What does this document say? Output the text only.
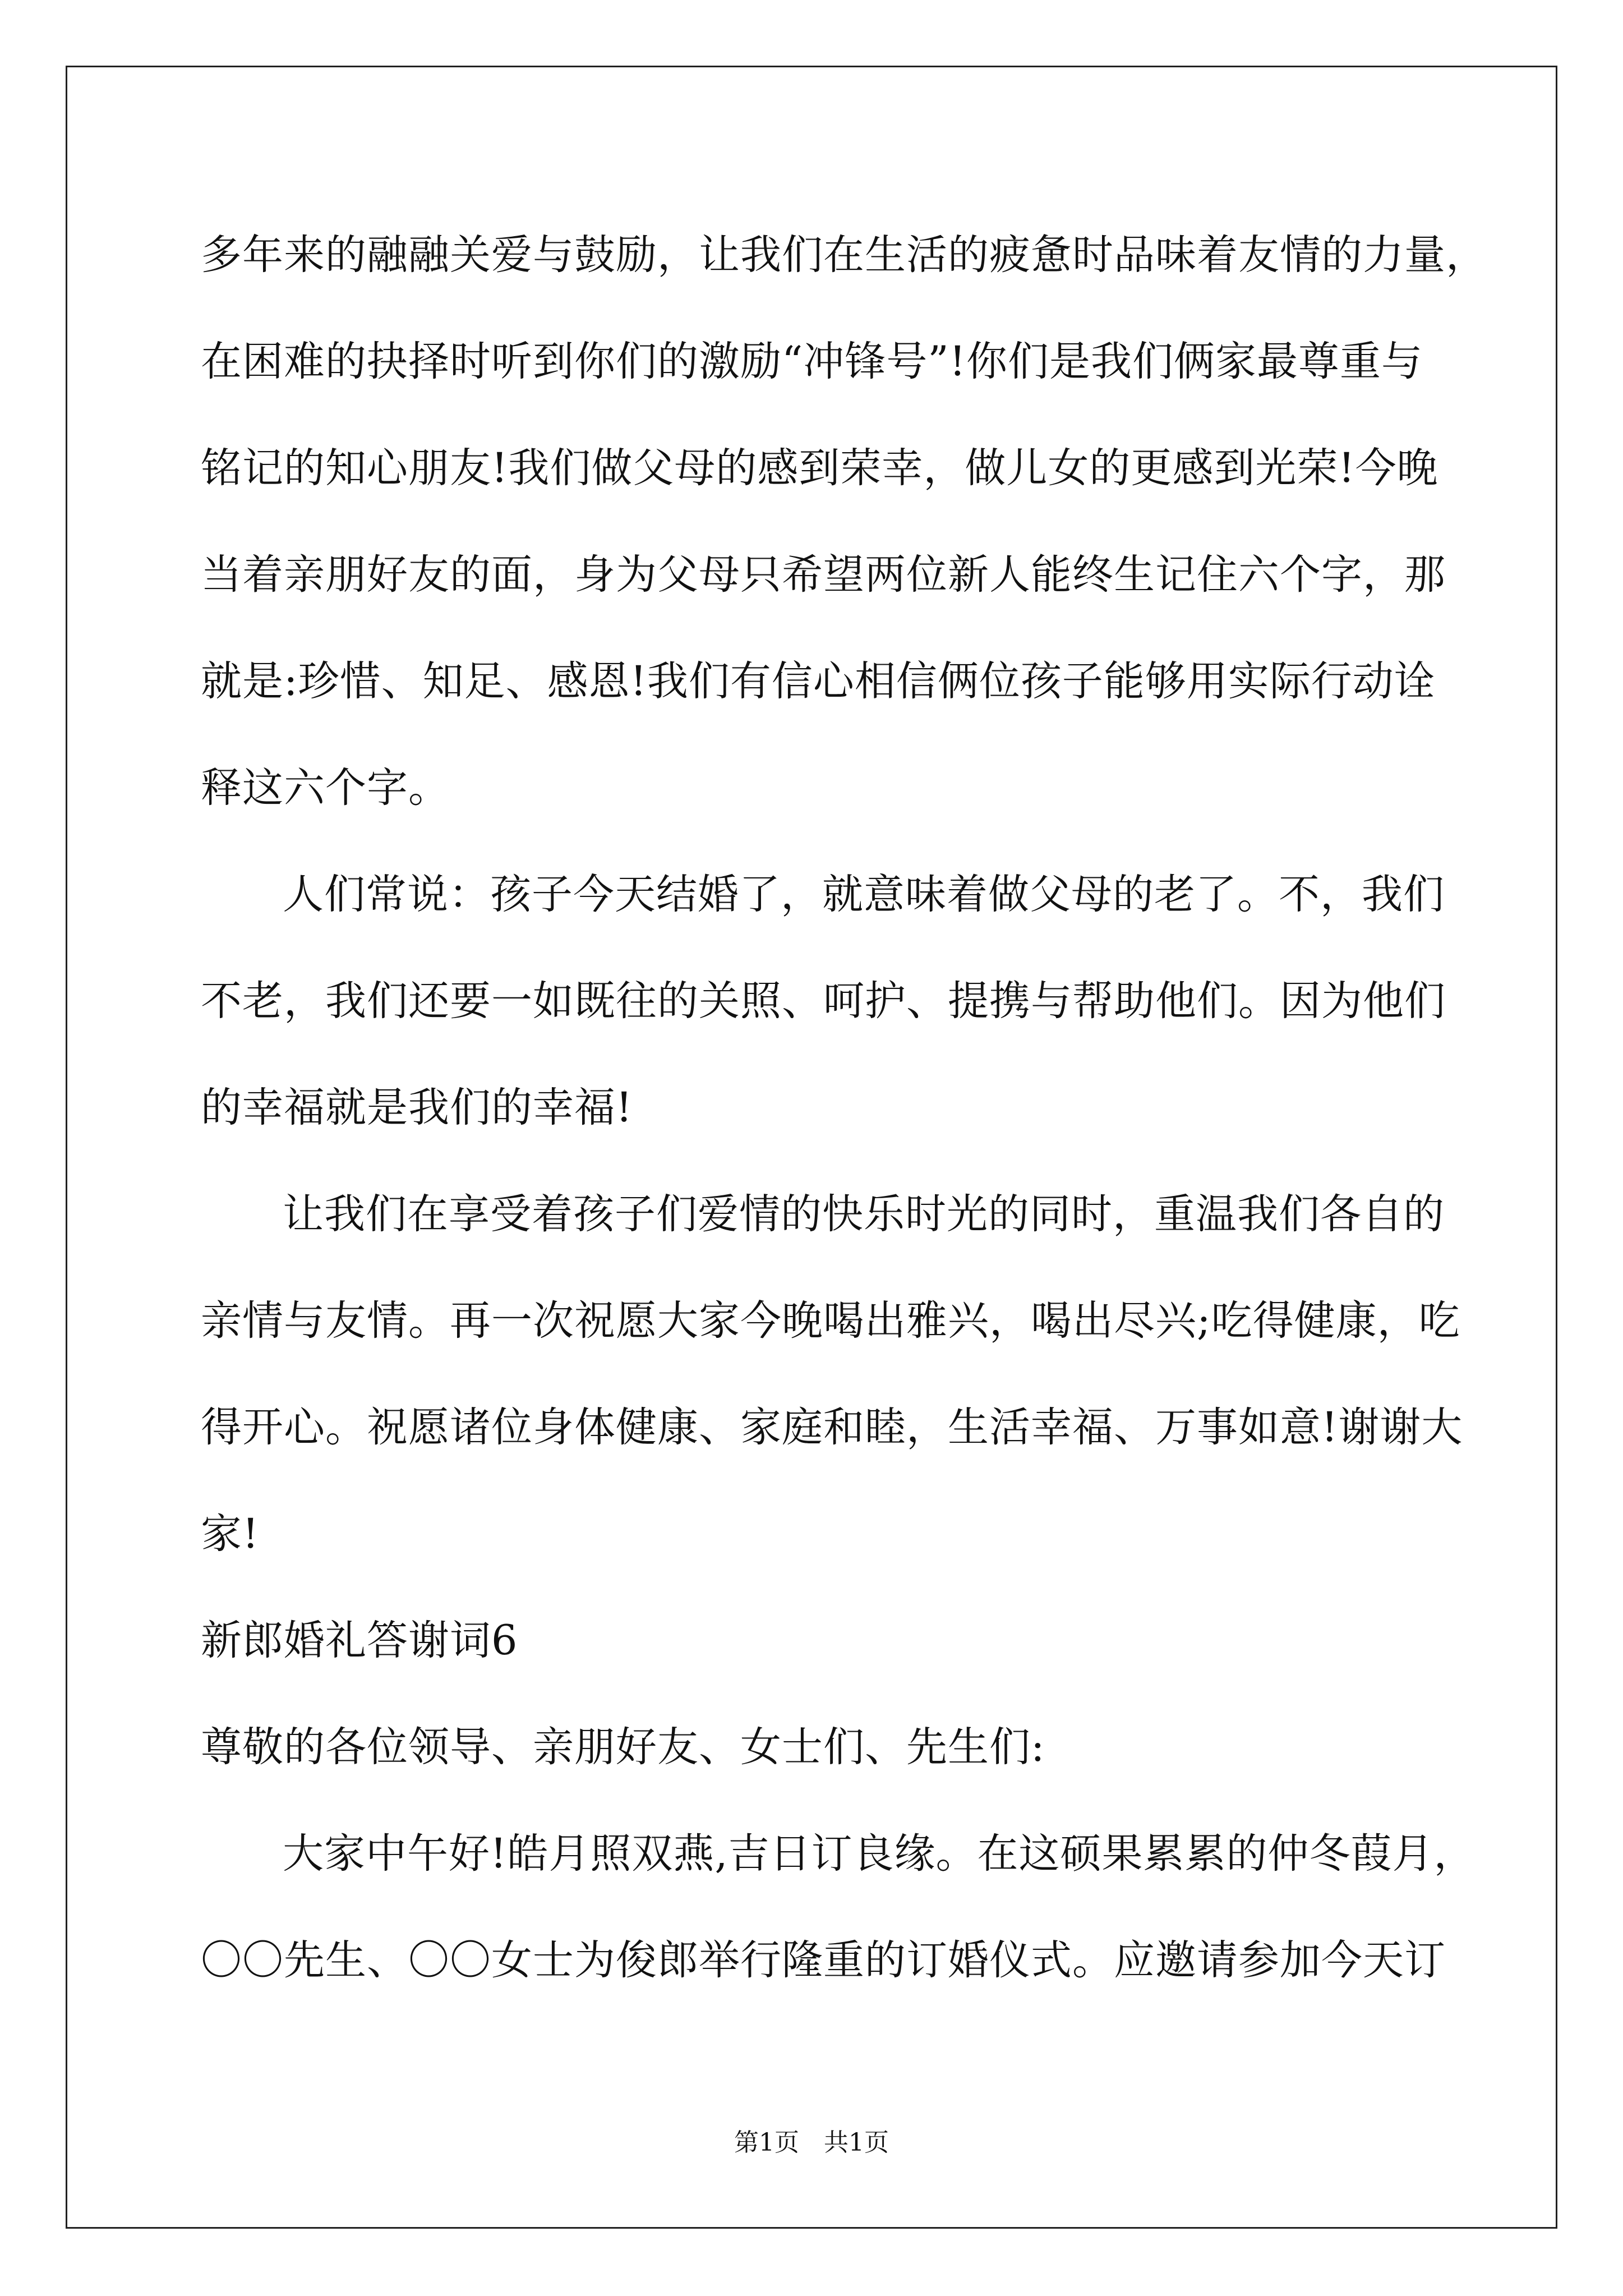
多年来的融融关爱与鼓励，让我们在生活的疲惫时品味着友情的力量，
在困难的抉择时听到你们的激励“冲锋号”!你们是我们俩家最尊重与
铭记的知心朋友!我们做父母的感到荣幸，做儿女的更感到光荣!今晚
当着亲朋好友的面，身为父母只希望两位新人能终生记住六个字，那
就是:珍惜、知足、感恩!我们有信心相信俩位孩子能够用实际行动诠
释这六个字。
人们常说：孩子今天结婚了，就意味着做父母的老了。不，我们
不老，我们还要一如既往的关照、呵护、提携与帮助他们。因为他们
的幸福就是我们的幸福!
让我们在享受着孩子们爱情的快乐时光的同时，重温我们各自的
亲情与友情。再一次祝愿大家今晚喝出雅兴，喝出尽兴;吃得健康，吃
得开心。祝愿诸位身体健康、家庭和睦，生活幸福、万事如意!谢谢大
家!
新郎婚礼答谢词6
尊敬的各位领导、亲朋好友、女士们、先生们:
大家中午好!皓月照双燕,吉日订良缘。在这硕果累累的仲冬葭月，
〇〇先生、〇〇女士为俊郎举行隆重的订婚仪式。应邀请参加今天订
第1页　共1页
